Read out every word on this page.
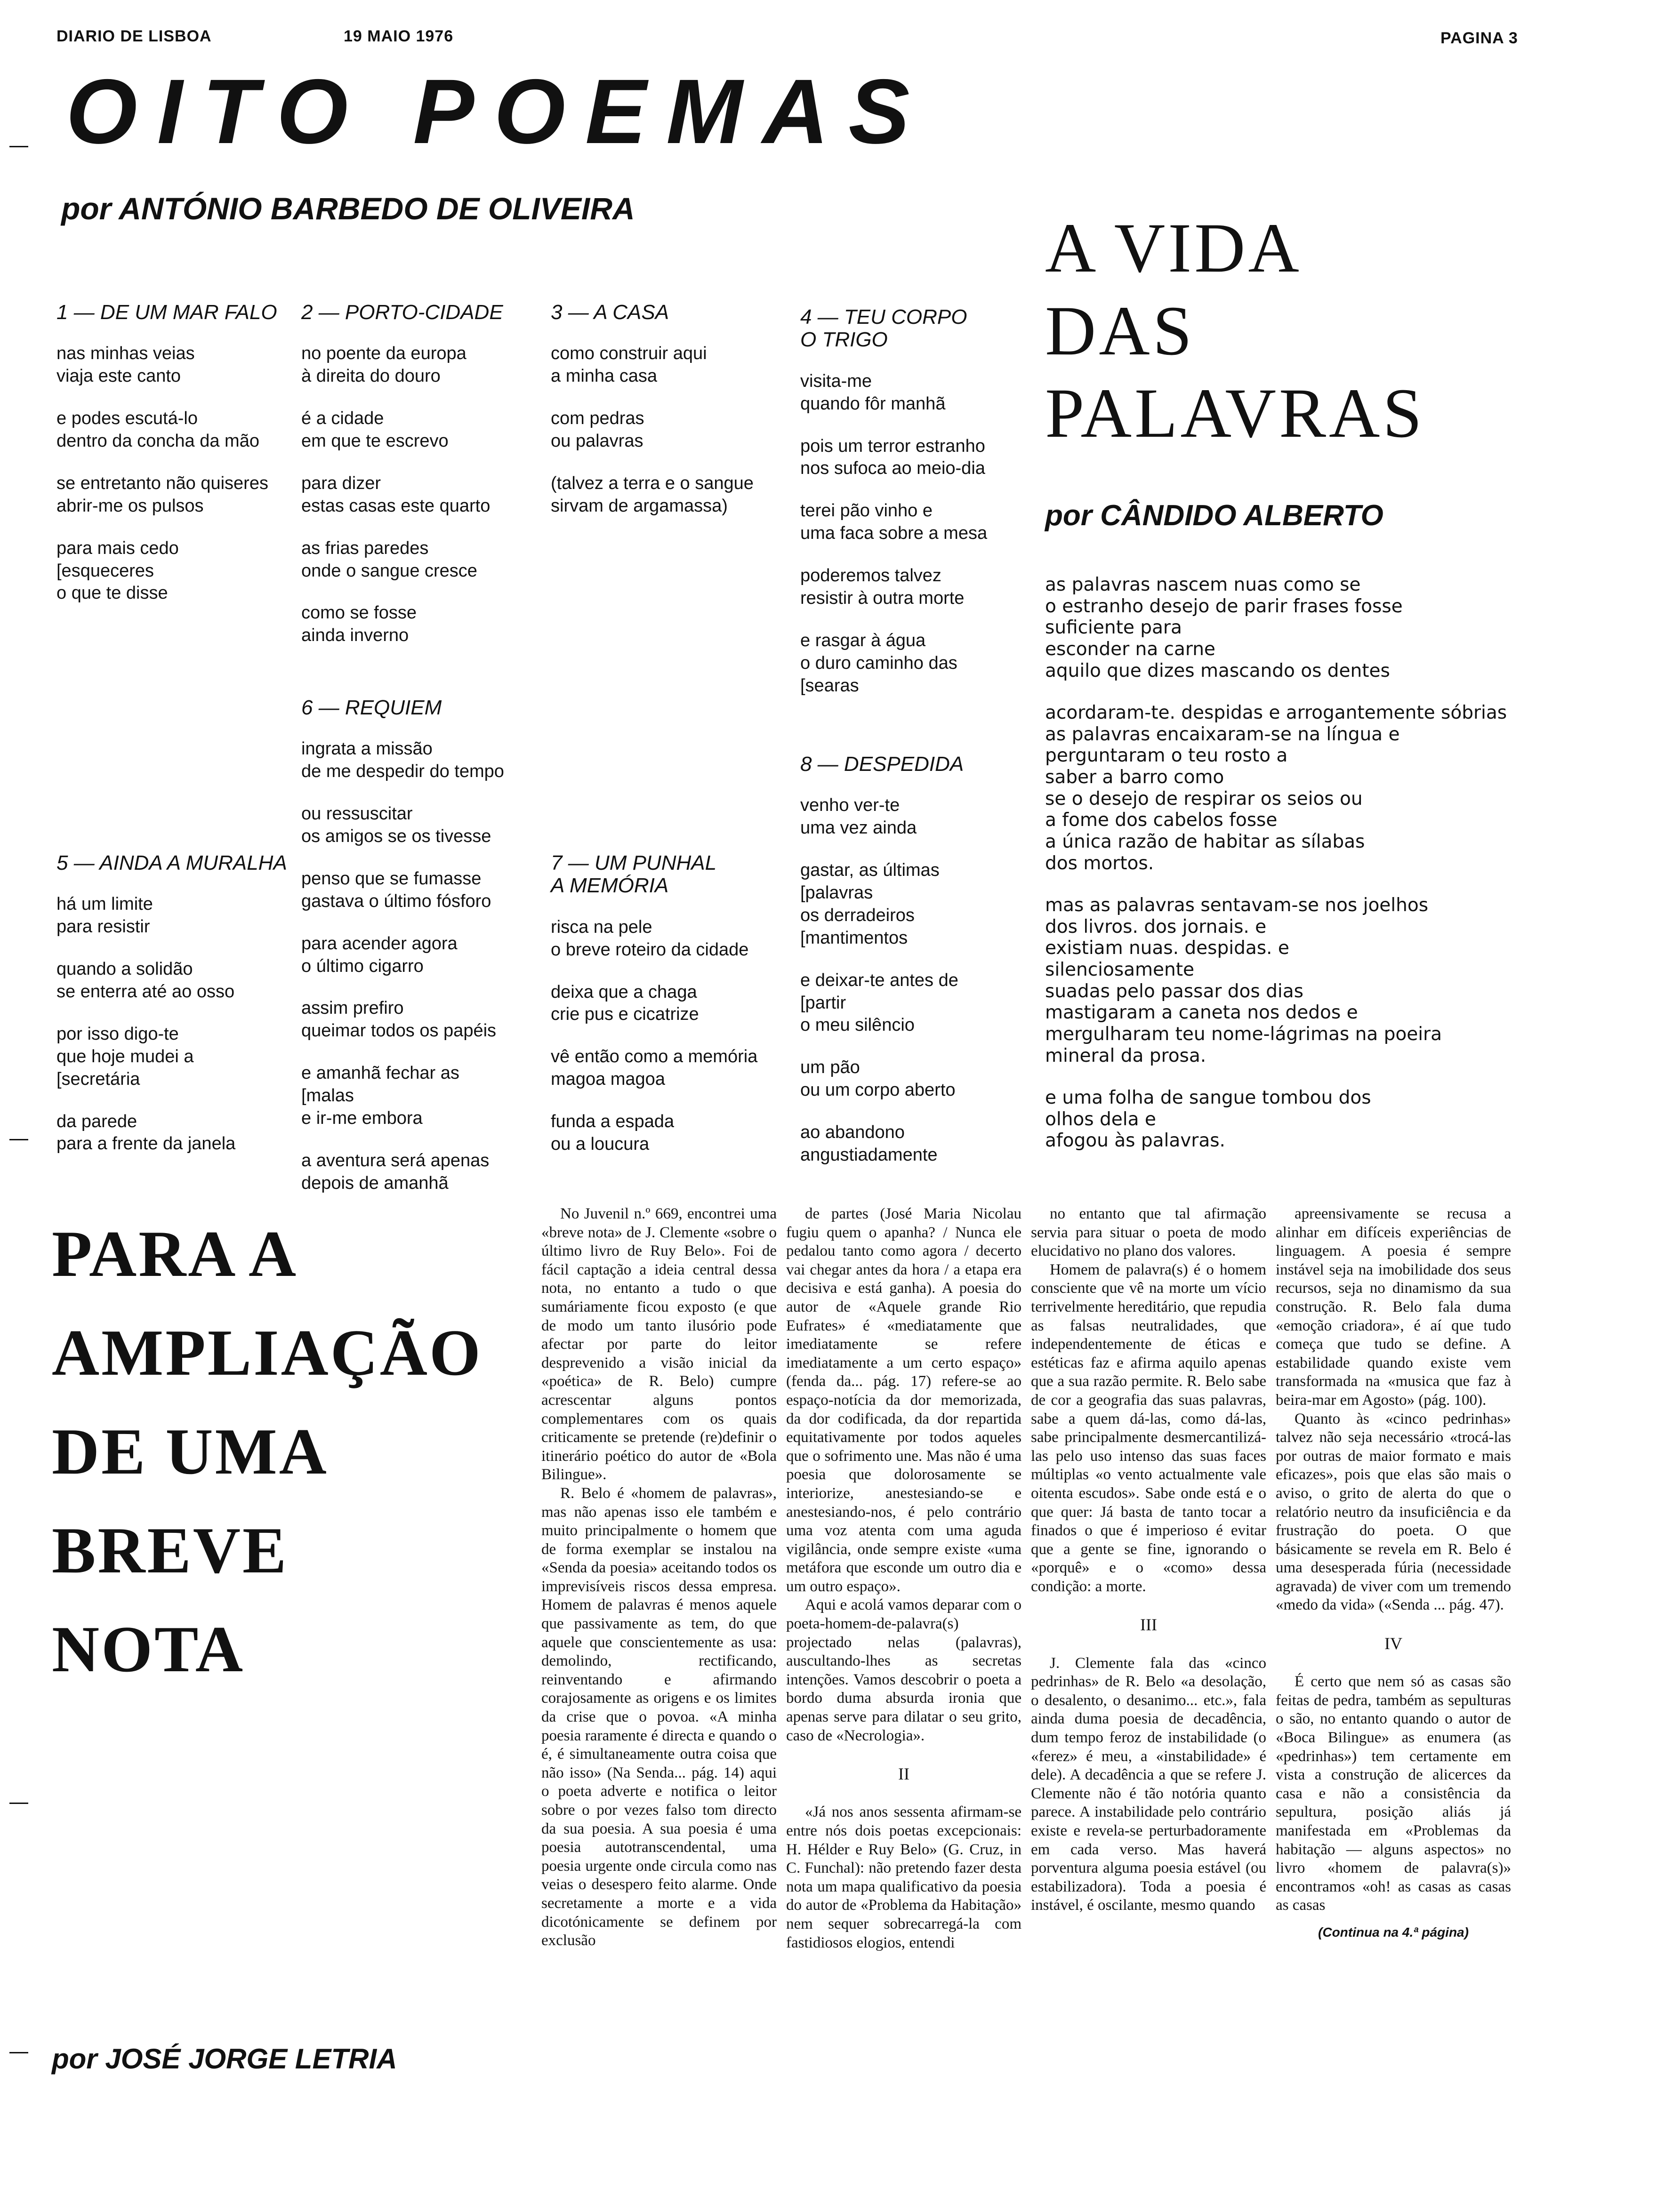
DIARIO DE LISBOA	19 MAIO 1976	PAGINA 3
OITO POEMAS
por ANTÓNIO BARBEDO DE OLIVEIRA
1 — DE UM MAR FALO

nas minhas veias
viaja este canto

e podes escutá-lo
dentro da concha da mão

se entretanto não quiseres
abrir-me os pulsos

para mais cedo
[esqueceres
o que te disse

2 — PORTO-CIDADE

no poente da europa
à direita do douro

é a cidade
em que te escrevo

para dizer
estas casas este quarto

as frias paredes
onde o sangue cresce

como se fosse
ainda inverno

3 — A CASA

como construir aqui
a minha casa

com pedras
ou palavras

(talvez a terra e o sangue
sirvam de argamassa)

4 — TEU CORPO
O TRIGO

visita-me
quando fôr manhã

pois um terror estranho
nos sufoca ao meio-dia

terei pão vinho e
uma faca sobre a mesa

poderemos talvez
resistir à outra morte

e rasgar à água
o duro caminho das
[searas

5 — AINDA A MURALHA

há um limite
para resistir

quando a solidão
se enterra até ao osso

por isso digo-te
que hoje mudei a
[secretária

da parede
para a frente da janela

6 — REQUIEM

ingrata a missão
de me despedir do tempo

ou ressuscitar
os amigos se os tivesse

penso que se fumasse
gastava o último fósforo

para acender agora
o último cigarro

assim prefiro
queimar todos os papéis

e amanhã fechar as
[malas
e ir-me embora

a aventura será apenas
depois de amanhã

7 — UM PUNHAL
A MEMÓRIA

risca na pele
o breve roteiro da cidade

deixa que a chaga
crie pus e cicatrize

vê então como a memória
magoa magoa

funda a espada
ou a loucura

8 — DESPEDIDA

venho ver-te
uma vez ainda

gastar, as últimas
[palavras
os derradeiros
[mantimentos

e deixar-te antes de
[partir
o meu silêncio

um pão
ou um corpo aberto

ao abandono
angustiadamente

A VIDA
DAS
PALAVRAS
por CÂNDIDO ALBERTO

as palavras nascem nuas como se
o estranho desejo de parir frases fosse
suficiente para
esconder na carne
aquilo que dizes mascando os dentes

acordaram-te. despidas e arrogantemente sóbrias
as palavras encaixaram-se na língua e
perguntaram o teu rosto a
saber a barro como
se o desejo de respirar os seios ou
a fome dos cabelos fosse
a única razão de habitar as sílabas
dos mortos.

mas as palavras sentavam-se nos joelhos
dos livros. dos jornais. e
existiam nuas. despidas. e
silenciosamente
suadas pelo passar dos dias
mastigaram a caneta nos dedos e
mergulharam teu nome-lágrimas na poeira
mineral da prosa.

e uma folha de sangue tombou dos
olhos dela e
afogou às palavras.

PARA A
AMPLIAÇÃO
DE UMA
BREVE
NOTA
por JOSÉ JORGE LETRIA

No Juvenil n.º 669, encontrei uma «breve nota» de J. Clemente «sobre o último livro de Ruy Belo». Foi de fácil captação a ideia central dessa nota, no entanto a tudo o que sumáriamente ficou exposto (e que de modo um tanto ilusório pode afectar por parte do leitor desprevenido a visão inicial da «poética» de R. Belo) cumpre acrescentar alguns pontos complementares com os quais criticamente se pretende (re)definir o itinerário poético do autor de «Bola Bilingue».

R. Belo é «homem de palavras», mas não apenas isso ele também e muito principalmente o homem que de forma exemplar se instalou na «Senda da poesia» aceitando todos os imprevisíveis riscos dessa empresa. Homem de palavras é menos aquele que passivamente as tem, do que aquele que conscientemente as usa: demolindo, rectificando, reinventando e afirmando corajosamente as origens e os limites da crise que o povoa. «A minha poesia raramente é directa e quando o é, é simultaneamente outra coisa que não isso» (Na Senda... pág. 14) aqui o poeta adverte e notifica o leitor sobre o por vezes falso tom directo da sua poesia. A sua poesia é uma poesia autotranscendental, uma poesia urgente onde circula como nas veias o desespero feito alarme. Onde secretamente a morte e a vida dicotónicamente se definem por exclusão

de partes (José Maria Nicolau fugiu quem o apanha? / Nunca ele pedalou tanto como agora / decerto vai chegar antes da hora / a etapa era decisiva e está ganha). A poesia do autor de «Aquele grande Rio Eufrates» é «mediatamente que imediatamente se refere imediatamente a um certo espaço» (fenda da... pág. 17) refere-se ao espaço-notícia da dor memorizada, da dor codificada, da dor repartida equitativamente por todos aqueles que o sofrimento une. Mas não é uma poesia que dolorosamente se interiorize, anestesiando-se e anestesiando-nos, é pelo contrário uma voz atenta com uma aguda vigilância, onde sempre existe «uma metáfora que esconde um outro dia e um outro espaço».

Aqui e acolá vamos deparar com o poeta-homem-de-palavra(s) projectado nelas (palavras), auscultando-lhes as secretas intenções. Vamos descobrir o poeta a bordo duma absurda ironia que apenas serve para dilatar o seu grito, caso de «Necrologia».

II

«Já nos anos sessenta afirmam-se entre nós dois poetas excepcionais: H. Hélder e Ruy Belo» (G. Cruz, in C. Funchal): não pretendo fazer desta nota um mapa qualificativo da poesia do autor de «Problema da Habitação» nem sequer sobrecarregá-la com fastidiosos elogios, entendi

no entanto que tal afirmação servia para situar o poeta de modo elucidativo no plano dos valores.

Homem de palavra(s) é o homem consciente que vê na morte um vício terrivelmente hereditário, que repudia as falsas neutralidades, que independentemente de éticas e estéticas faz e afirma aquilo apenas que a sua razão permite. R. Belo sabe de cor a geografia das suas palavras, sabe a quem dá-las, como dá-las, sabe principalmente desmercantilizá-las pelo uso intenso das suas faces múltiplas «o vento actualmente vale oitenta escudos». Sabe onde está e o que quer: Já basta de tanto tocar a finados o que é imperioso é evitar que a gente se fine, ignorando o «porquê» e o «como» dessa condição: a morte.

III

J. Clemente fala das «cinco pedrinhas» de R. Belo «a desolação, o desalento, o desanimo... etc.», fala ainda duma poesia de decadência, dum tempo feroz de instabilidade (o «ferez» é meu, a «instabilidade» é dele). A decadência a que se refere J. Clemente não é tão notória quanto parece. A instabilidade pelo contrário existe e revela-se perturbadoramente em cada verso. Mas haverá porventura alguma poesia estável (ou estabilizadora). Toda a poesia é instável, é oscilante, mesmo quando

apreensivamente se recusa a alinhar em difíceis experiências de linguagem. A poesia é sempre instável seja na imobilidade dos seus recursos, seja no dinamismo da sua construção. R. Belo fala duma «emoção criadora», é aí que tudo começa que tudo se define. A estabilidade quando existe vem transformada na «musica que faz à beira-mar em Agosto» (pág. 100).

Quanto às «cinco pedrinhas» talvez não seja necessário «trocá-las por outras de maior formato e mais eficazes», pois que elas são mais o aviso, o grito de alerta do que o relatório neutro da insuficiência e da frustração do poeta. O que básicamente se revela em R. Belo é uma desesperada fúria (necessidade agravada) de viver com um tremendo «medo da vida» («Senda ... pág. 47).

IV

É certo que nem só as casas são feitas de pedra, também as sepulturas o são, no entanto quando o autor de «Boca Bilingue» as enumera (as «pedrinhas») tem certamente em vista a construção de alicerces da casa e não a consistência da sepultura, posição aliás já manifestada em «Problemas da habitação — alguns aspectos» no livro «homem de palavra(s)» encontramos «oh! as casas as casas as casas

(Continua na 4.ª página)
